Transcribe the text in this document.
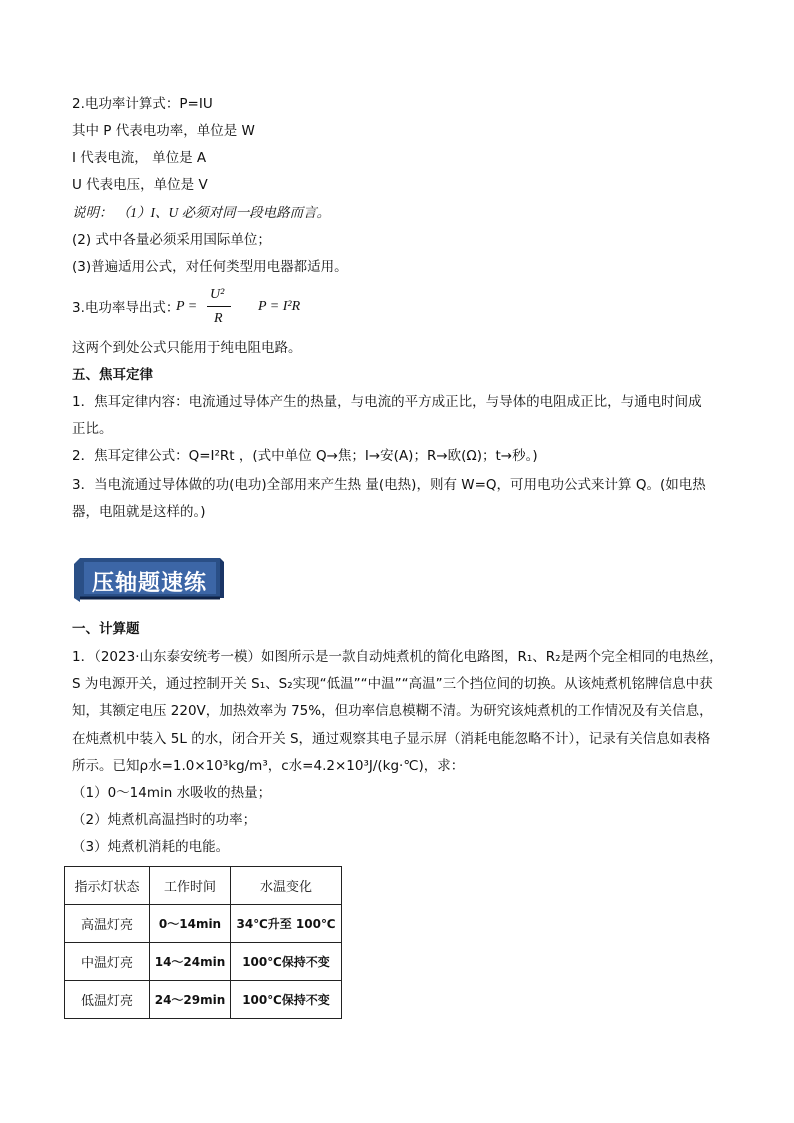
2.电功率计算式：P=IU
其中 P 代表电功率，单位是 W
I 代表电流， 单位是 A
U 代表电压，单位是 V
说明： （1）I、U 必须对同一段电路而言。
(2) 式中各量必须采用国际单位；
(3)普遍适用公式，对任何类型用电器都适用。
3.电功率导出式：
P =
U²
R
P = I²R
这两个到处公式只能用于纯电阻电路。
五、焦耳定律
1．焦耳定律内容：电流通过导体产生的热量，与电流的平方成正比，与导体的电阻成正比，与通电时间成
正比。
2．焦耳定律公式：Q=I²Rt ，(式中单位 Q→焦；I→安(A)；R→欧(Ω)；t→秒。)
3．当电流通过导体做的功(电功)全部用来产生热 量(电热)，则有 W=Q，可用电功公式来计算 Q。(如电热
器，电阻就是这样的。)
压轴题速练
一、计算题
1．（2023·山东泰安统考一模）如图所示是一款自动炖煮机的简化电路图，R₁、R₂是两个完全相同的电热丝，
S 为电源开关，通过控制开关 S₁、S₂实现“低温”“中温”“高温”三个挡位间的切换。从该炖煮机铭牌信息中获
知，其额定电压 220V，加热效率为 75%，但功率信息模糊不清。为研究该炖煮机的工作情况及有关信息，
在炖煮机中装入 5L 的水，闭合开关 S，通过观察其电子显示屏（消耗电能忽略不计），记录有关信息如表格
所示。已知ρ水=1.0×10³kg/m³，c水=4.2×10³J/(kg·℃)，求：
（1）0～14min 水吸收的热量；
（2）炖煮机高温挡时的功率；
（3）炖煮机消耗的电能。
指示灯状态	工作时间	水温变化
高温灯亮	0～14min	34℃升至 100℃
中温灯亮	14～24min	100℃保持不变
低温灯亮	24～29min	100℃保持不变
